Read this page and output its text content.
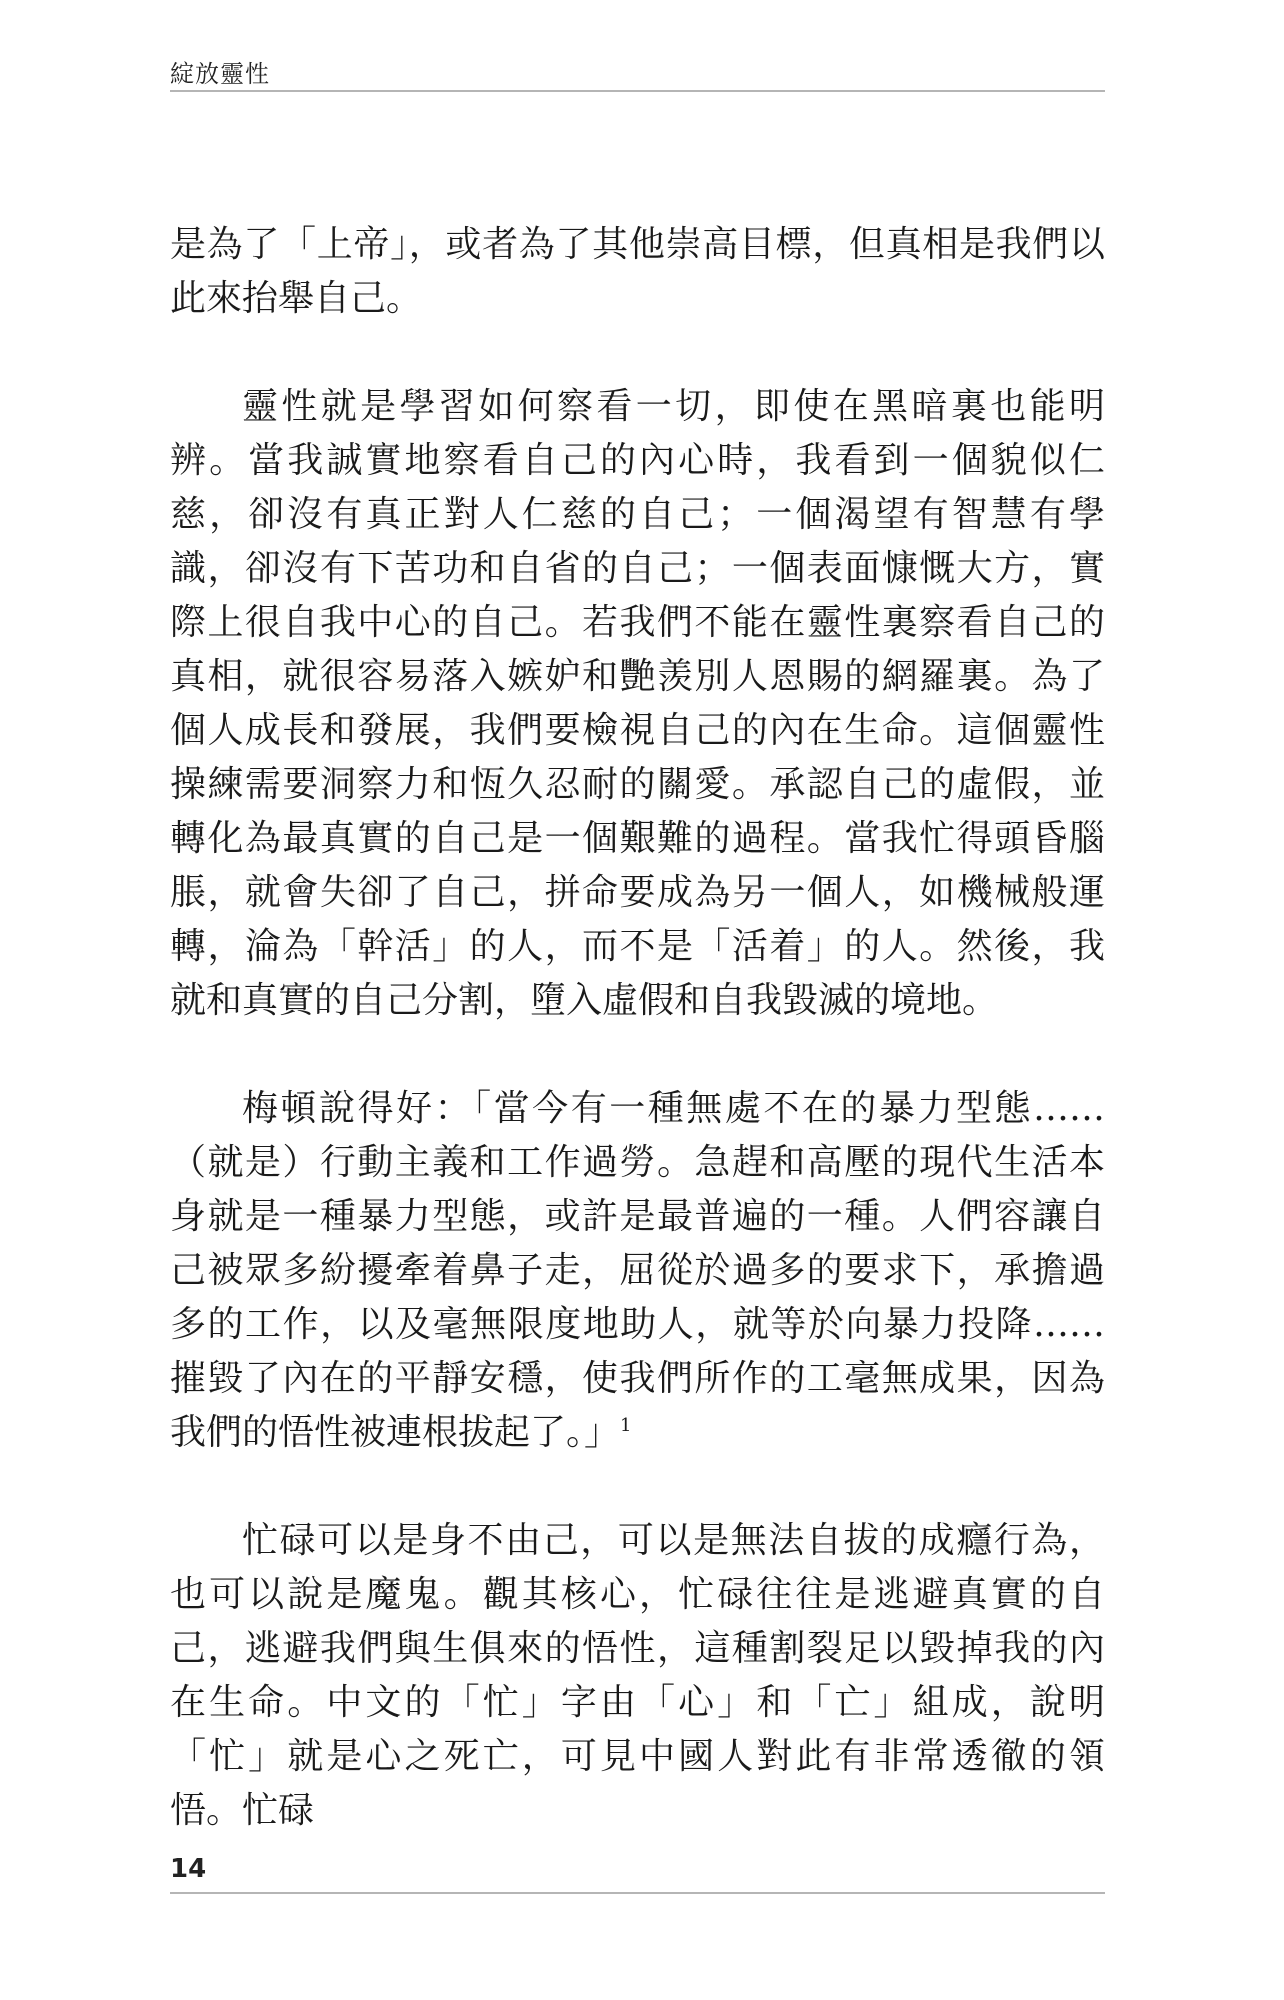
綻放靈性

是為了「上帝」，或者為了其他崇高目標，但真相是我們以此來抬舉自己。

靈性就是學習如何察看一切，即使在黑暗裏也能明辨。當我誠實地察看自己的內心時，我看到一個貌似仁慈，卻沒有真正對人仁慈的自己；一個渴望有智慧有學識，卻沒有下苦功和自省的自己；一個表面慷慨大方，實際上很自我中心的自己。若我們不能在靈性裏察看自己的真相，就很容易落入嫉妒和艷羡別人恩賜的網羅裏。為了個人成長和發展，我們要檢視自己的內在生命。這個靈性操練需要洞察力和恆久忍耐的關愛。承認自己的虛假，並轉化為最真實的自己是一個艱難的過程。當我忙得頭昏腦脹，就會失卻了自己，拼命要成為另一個人，如機械般運轉，淪為「幹活」的人，而不是「活着」的人。然後，我就和真實的自己分割，墮入虛假和自我毀滅的境地。

梅頓說得好：「當今有一種無處不在的暴力型態……（就是）行動主義和工作過勞。急趕和高壓的現代生活本身就是一種暴力型態，或許是最普遍的一種。人們容讓自己被眾多紛擾牽着鼻子走，屈從於過多的要求下，承擔過多的工作，以及毫無限度地助人，就等於向暴力投降……摧毀了內在的平靜安穩，使我們所作的工毫無成果，因為我們的悟性被連根拔起了。」$^1$

忙碌可以是身不由己，可以是無法自拔的成癮行為，也可以說是魔鬼。觀其核心，忙碌往往是逃避真實的自己，逃避我們與生俱來的悟性，這種割裂足以毀掉我的內在生命。中文的「忙」字由「心」和「亡」組成，說明「忙」就是心之死亡，可見中國人對此有非常透徹的領悟。忙碌

14
